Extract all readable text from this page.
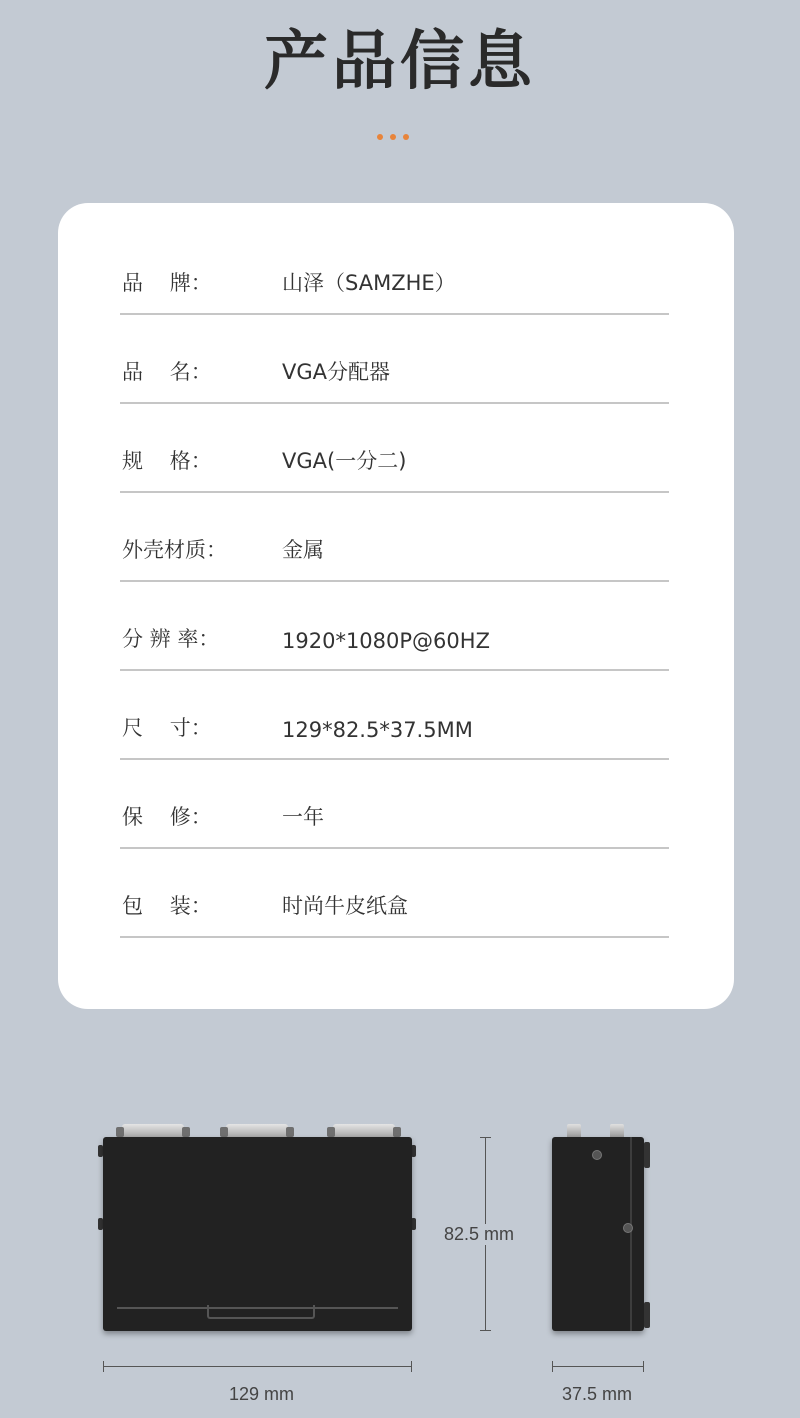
产品信息
品    牌：	山泽（SAMZHE）
品    名：	VGA分配器
规    格：	VGA(一分二)
外壳材质：	金属
分 辨 率：	1920*1080P@60HZ
尺    寸：	129*82.5*37.5MM
保    修：	一年
包    装：	时尚牛皮纸盒
129 mm
82.5 mm
37.5 mm
